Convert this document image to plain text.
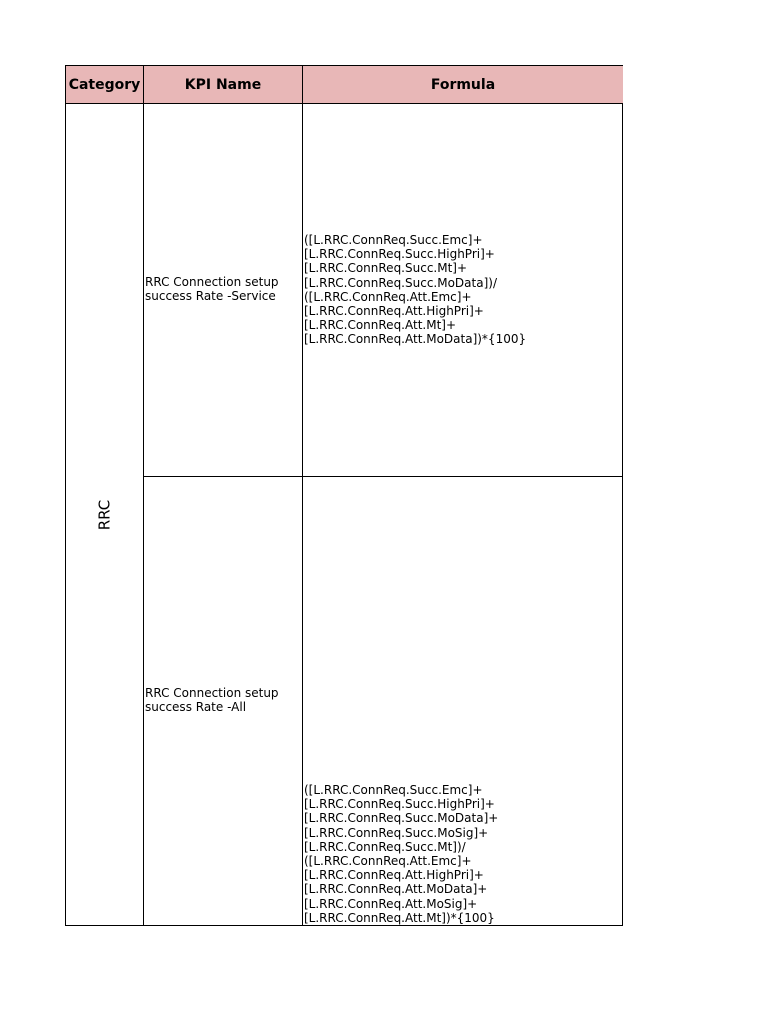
Category	KPI Name	Formula
RRC
RRC Connection setup
success Rate -Service
([L.RRC.ConnReq.Succ.Emc]+
[L.RRC.ConnReq.Succ.HighPri]+
[L.RRC.ConnReq.Succ.Mt]+
[L.RRC.ConnReq.Succ.MoData])/
([L.RRC.ConnReq.Att.Emc]+
[L.RRC.ConnReq.Att.HighPri]+
[L.RRC.ConnReq.Att.Mt]+
[L.RRC.ConnReq.Att.MoData])*{100}
RRC Connection setup
success Rate -All
([L.RRC.ConnReq.Succ.Emc]+
[L.RRC.ConnReq.Succ.HighPri]+
[L.RRC.ConnReq.Succ.MoData]+
[L.RRC.ConnReq.Succ.MoSig]+
[L.RRC.ConnReq.Succ.Mt])/
([L.RRC.ConnReq.Att.Emc]+
[L.RRC.ConnReq.Att.HighPri]+
[L.RRC.ConnReq.Att.MoData]+
[L.RRC.ConnReq.Att.MoSig]+
[L.RRC.ConnReq.Att.Mt])*{100}
